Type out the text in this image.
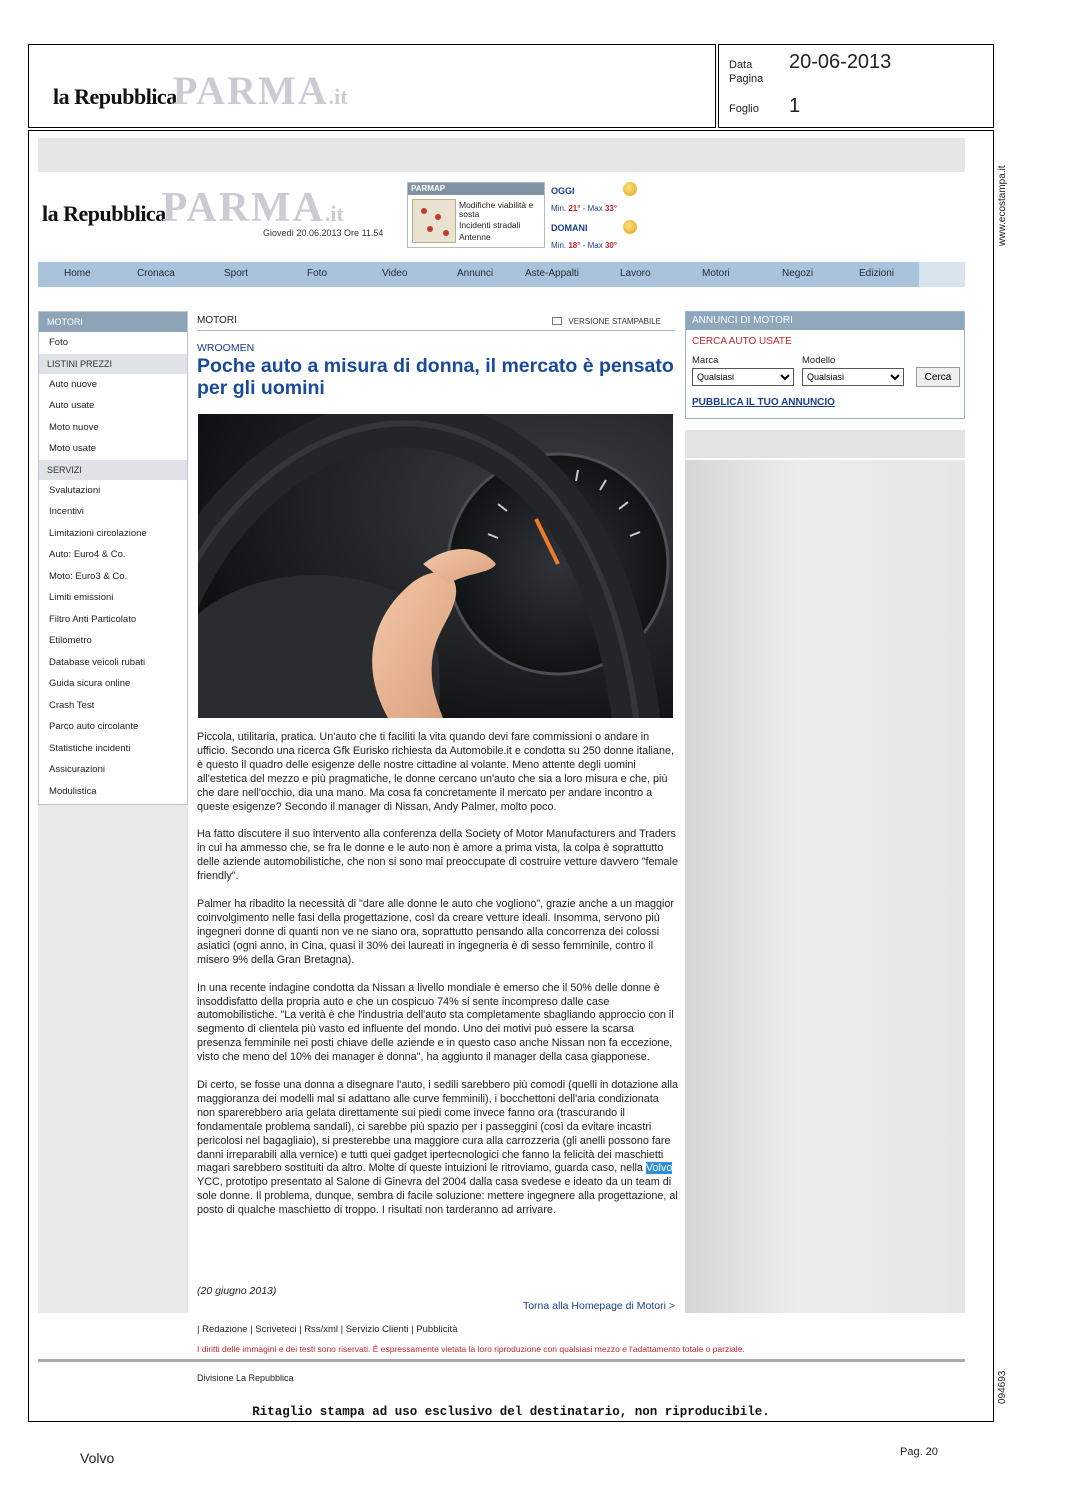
la Repubblica
PARMA .it
Data	20-06-2013
Pagina
Foglio	1
www.ecostampa.it
094693
la Repubblica
PARMA .it
Giovedì 20.06.2013 Ore 11.54
PARMAP
Modifiche viabilità e sosta
Incidenti stradali
Antenne
OGGI
Min. 21° - Max 33°
DOMANI
Min. 18° - Max 30°
Home	Cronaca	Sport	Foto	Video	Annunci	Aste-Appalti	Lavoro	Motori	Negozi	Edizioni
MOTORI
Foto
LISTINI PREZZI
Auto nuove
Auto usate
Moto nuove
Moto usate
SERVIZI
Svalutazioni
Incentivi
Limitazioni circolazione
Auto: Euro4 & Co.
Moto: Euro3 & Co.
Limiti emissioni
Filtro Anti Particolato
Etilometro
Database veicoli rubati
Guida sicura online
Crash Test
Parco auto circolante
Statistiche incidenti
Assicurazioni
Modulistica
MOTORI	VERSIONE STAMPABILE
WROOMEN
Poche auto a misura di donna, il mercato è pensato per gli uomini

Piccola, utilitaria, pratica. Un'auto che ti faciliti la vita quando devi fare commissioni o andare in ufficio. Secondo una ricerca Gfk Eurisko richiesta da Automobile.it e condotta su 250 donne italiane, è questo il quadro delle esigenze delle nostre cittadine al volante. Meno attente degli uomini all'estetica del mezzo e più pragmatiche, le donne cercano un'auto che sia a loro misura e che, più che dare nell'occhio, dia una mano. Ma cosa fa concretamente il mercato per andare incontro a queste esigenze? Secondo il manager di Nissan, Andy Palmer, molto poco.

Ha fatto discutere il suo intervento alla conferenza della Society of Motor Manufacturers and Traders in cui ha ammesso che, se fra le donne e le auto non è amore a prima vista, la colpa è soprattutto delle aziende automobilistiche, che non si sono mai preoccupate di costruire vetture davvero "female friendly".

Palmer ha ribadito la necessità di "dare alle donne le auto che vogliono", grazie anche a un maggior coinvolgimento nelle fasi della progettazione, così da creare vetture ideali. Insomma, servono più ingegneri donne di quanti non ve ne siano ora, soprattutto pensando alla concorrenza dei colossi asiatici (ogni anno, in Cina, quasi il 30% dei laureati in ingegneria è di sesso femminile, contro il misero 9% della Gran Bretagna).

In una recente indagine condotta da Nissan a livello mondiale è emerso che il 50% delle donne è insoddisfatto della propria auto e che un cospicuo 74% si sente incompreso dalle case automobilistiche. "La verità è che l'industria dell'auto sta completamente sbagliando approccio con il segmento di clientela più vasto ed influente del mondo. Uno dei motivi può essere la scarsa presenza femminile nei posti chiave delle aziende e in questo caso anche Nissan non fa eccezione, visto che meno del 10% dei manager è donna", ha aggiunto il manager della casa giapponese.

Di certo, se fosse una donna a disegnare l'auto, i sedili sarebbero più comodi (quelli in dotazione alla maggioranza dei modelli mal si adattano alle curve femminili), i bocchettoni dell'aria condizionata non sparerebbero aria gelata direttamente sui piedi come invece fanno ora (trascurando il fondamentale problema sandali), ci sarebbe più spazio per i passeggini (così da evitare incastri pericolosi nel bagagliaio), si presterebbe una maggiore cura alla carrozzeria (gli anelli possono fare danni irreparabili alla vernice) e tutti quei gadget ipertecnologici che fanno la felicità dei maschietti magari sarebbero sostituiti da altro. Molte di queste intuizioni le ritroviamo, guarda caso, nella Volvo YCC, prototipo presentato al Salone di Ginevra del 2004 dalla casa svedese e ideato da un team di sole donne. Il problema, dunque, sembra di facile soluzione: mettere ingegnere alla progettazione, al posto di qualche maschietto di troppo. I risultati non tarderanno ad arrivare.

(20 giugno 2013)
Torna alla Homepage di Motori >
ANNUNCI DI MOTORI
CERCA AUTO USATE
Marca	Modello
Qualsiasi
Qualsiasi
Cerca
PUBBLICA IL TUO ANNUNCIO
| Redazione | Scriveteci | Rss/xml | Servizio Clienti | Pubblicità
I diritti delle immagini e dei testi sono riservati. È espressamente vietata la loro riproduzione con qualsiasi mezzo e l'adattamento totale o parziale.
Divisione La Repubblica
Ritaglio stampa ad uso esclusivo del destinatario, non riproducibile.
Volvo	Pag. 20
